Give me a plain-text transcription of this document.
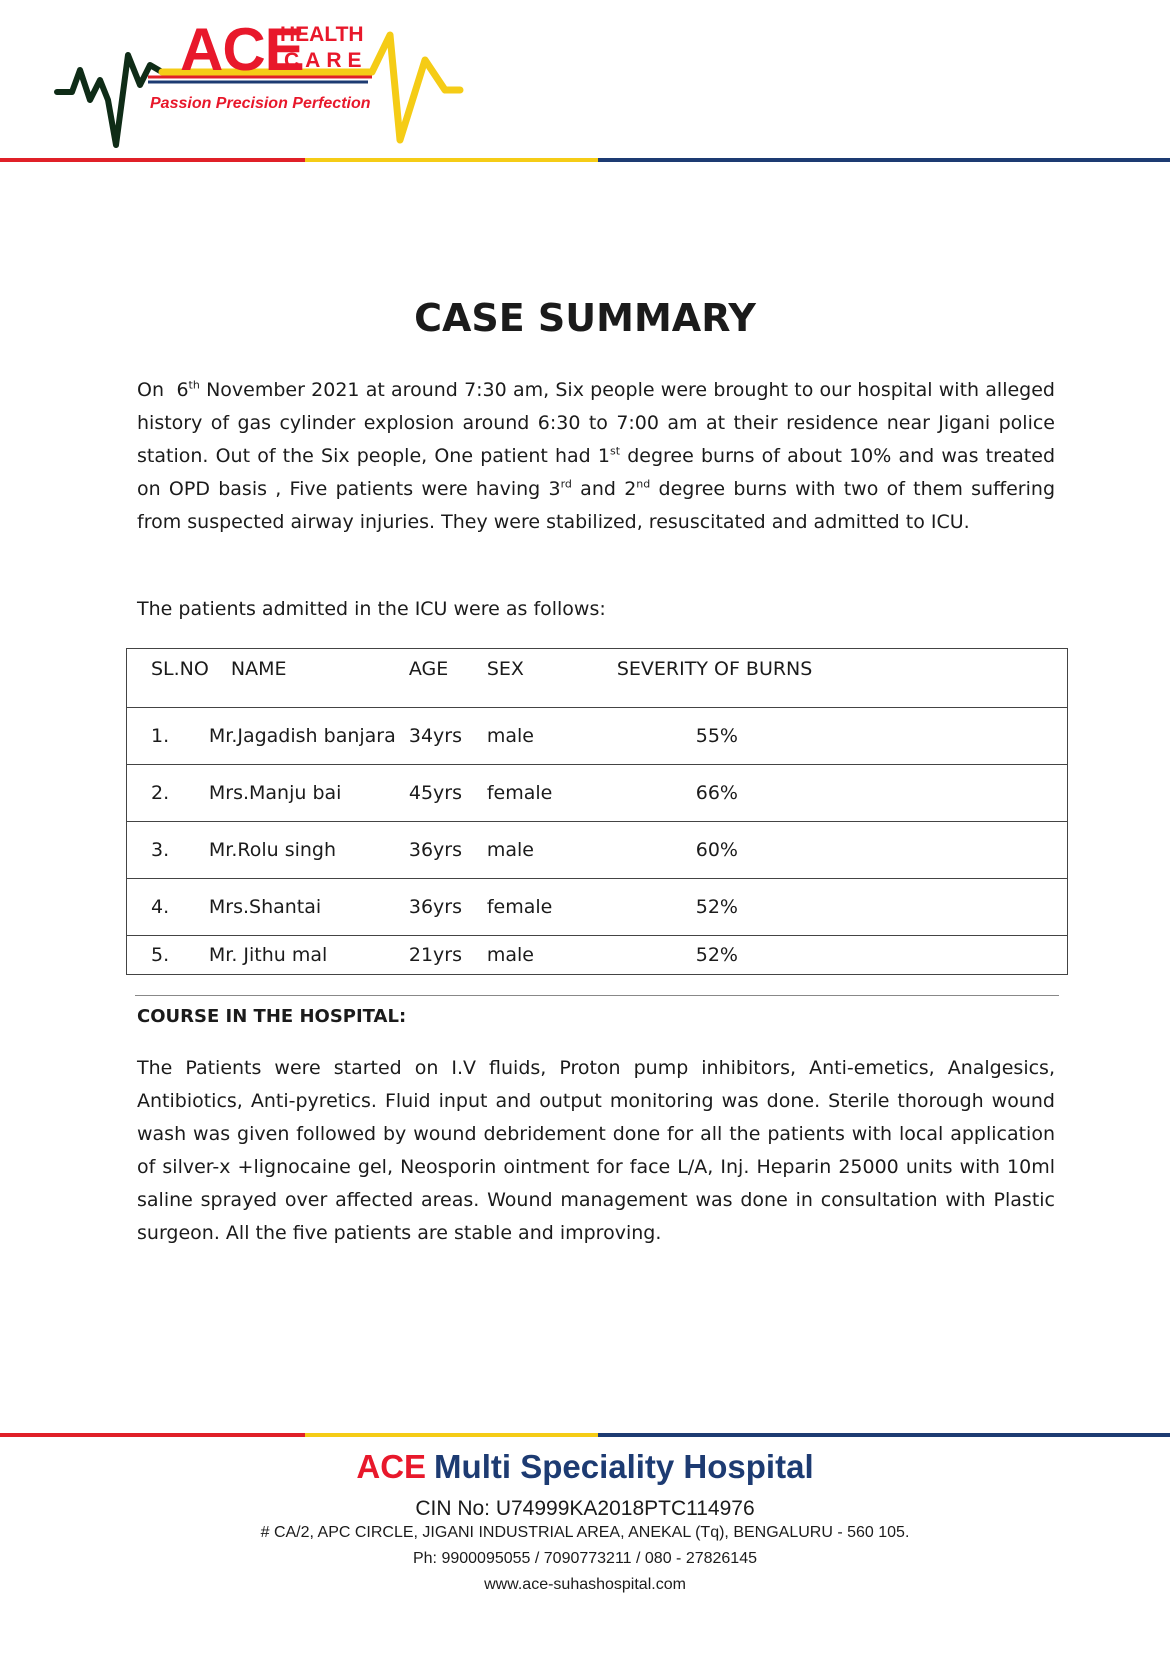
ACE
HEALTH
CARE
Passion Precision Perfection
CASE SUMMARY
On 6th November 2021 at around 7:30 am, Six people were brought to our hospital with alleged history of gas cylinder explosion around 6:30 to 7:00 am at their residence near Jigani police station. Out of the Six people, One patient had 1st degree burns of about 10% and was treated on OPD basis , Five patients were having 3rd and 2nd degree burns with two of them suffering from suspected airway injuries. They were stabilized, resuscitated and admitted to ICU.
The patients admitted in the ICU were as follows:
SL.NO	NAME	AGE	SEX	SEVERITY OF BURNS	
1.	Mr.Jagadish banjara	34yrs	male	55%	
2.	Mrs.Manju bai	45yrs	female	66%	
3.	Mr.Rolu singh	36yrs	male	60%	
4.	Mrs.Shantai	36yrs	female	52%	
5.	Mr. Jithu mal	21yrs	male	52%	
COURSE IN THE HOSPITAL:
The Patients were started on I.V fluids, Proton pump inhibitors, Anti-emetics, Analgesics, Antibiotics, Anti-pyretics. Fluid input and output monitoring was done. Sterile thorough wound wash was given followed by wound debridement done for all the patients with local application of silver-x +lignocaine gel, Neosporin ointment for face L/A, Inj. Heparin 25000 units with 10ml saline sprayed over affected areas. Wound management was done in consultation with Plastic surgeon. All the five patients are stable and improving.
ACE Multi Speciality Hospital
CIN No: U74999KA2018PTC114976
# CA/2, APC CIRCLE, JIGANI INDUSTRIAL AREA, ANEKAL (Tq), BENGALURU - 560 105.
Ph: 9900095055 / 7090773211 / 080 - 27826145
www.ace-suhashospital.com
